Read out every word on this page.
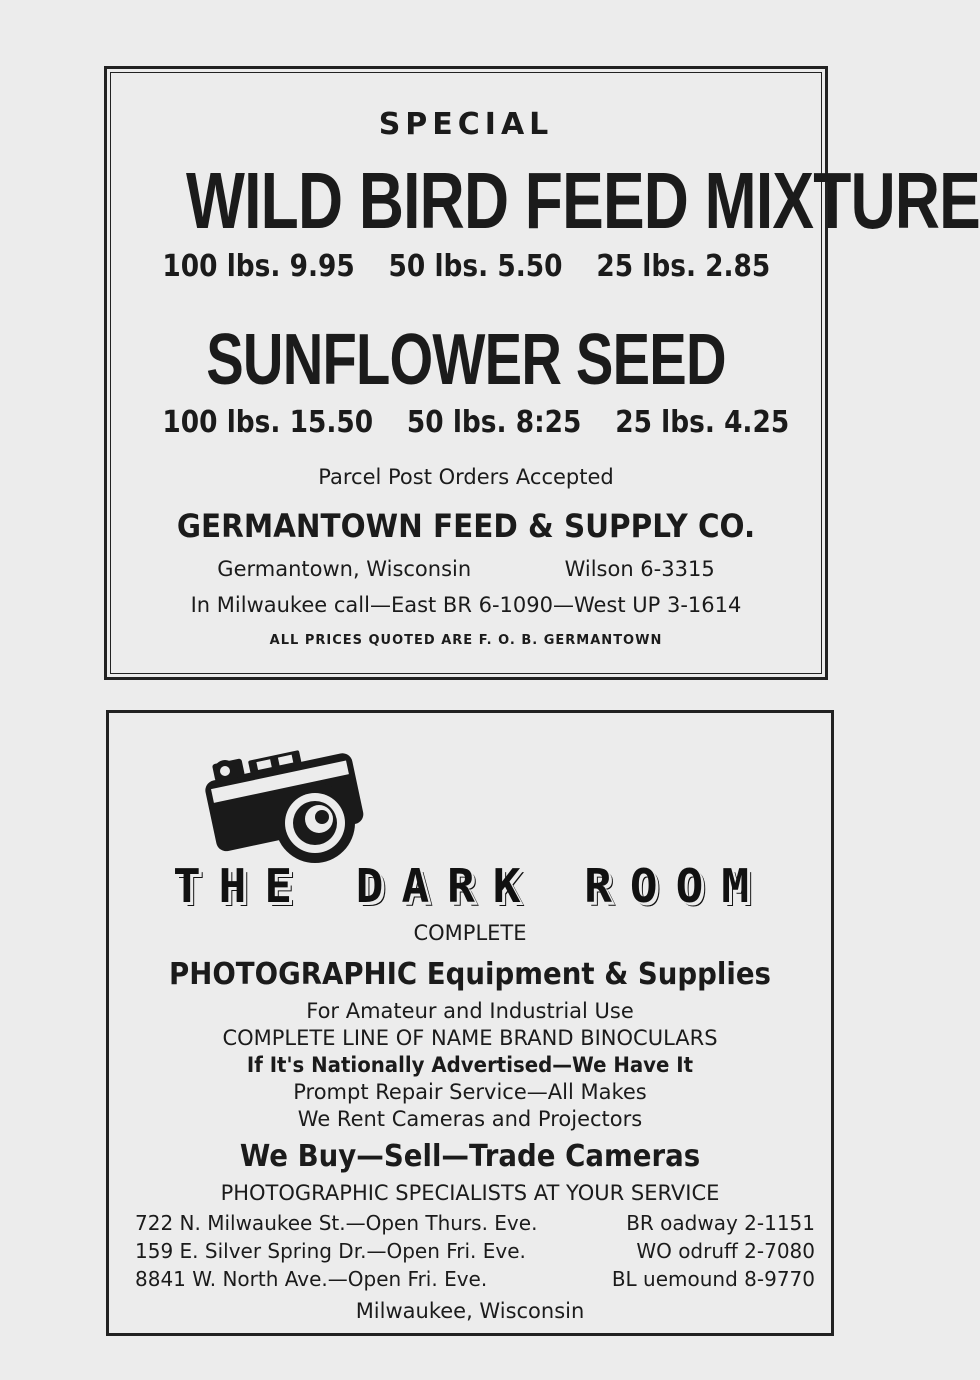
SPECIAL
WILD BIRD FEED MIXTURE
100 lbs. 9.95 50 lbs. 5.50 25 lbs. 2.85
SUNFLOWER SEED
100 lbs. 15.50 50 lbs. 8:25 25 lbs. 4.25
Parcel Post Orders Accepted
GERMANTOWN FEED & SUPPLY CO.
Germantown, Wisconsin	Wilson 6-3315
In Milwaukee call—East BR 6-1090—West UP 3-1614
ALL PRICES QUOTED ARE F. O. B. GERMANTOWN
THE DARK ROOM
COMPLETE
PHOTOGRAPHIC Equipment & Supplies
For Amateur and Industrial Use
COMPLETE LINE OF NAME BRAND BINOCULARS
If It's Nationally Advertised—We Have It
Prompt Repair Service—All Makes
We Rent Cameras and Projectors
We Buy—Sell—Trade Cameras
PHOTOGRAPHIC SPECIALISTS AT YOUR SERVICE
722 N. Milwaukee St.—Open Thurs. Eve.	BR oadway 2-1151
159 E. Silver Spring Dr.—Open Fri. Eve.	WO odruff 2-7080
8841 W. North Ave.—Open Fri. Eve.	BL uemound 8-9770
Milwaukee, Wisconsin
